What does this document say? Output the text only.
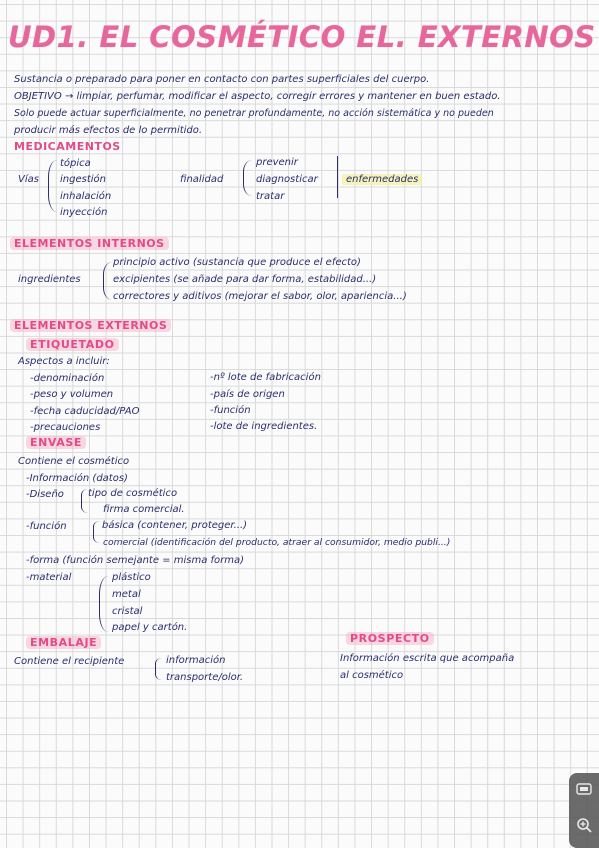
UD1. EL COSMÉTICO EL. EXTERNOS
Sustancia o preparado para poner en contacto con partes superficiales del cuerpo.
OBJETIVO → limpiar, perfumar, modificar el aspecto, corregir errores y mantener en buen estado.
Solo puede actuar superficialmente, no penetrar profundamente, no acción sistemática y no pueden
producir más efectos de lo permitido.
MEDICAMENTOS
Vías
tópica
ingestión
inhalación
inyección
finalidad
prevenir
diagnosticar
tratar
enfermedades
ELEMENTOS INTERNOS
ingredientes
principio activo (sustancia que produce el efecto)
excipientes (se añade para dar forma, estabilidad...)
correctores y aditivos (mejorar el sabor, olor, apariencia...)
ELEMENTOS EXTERNOS
ETIQUETADO
Aspectos a incluir:
-denominación
-peso y volumen
-fecha caducidad/PAO
-precauciones
-nº lote de fabricación
-país de origen
-función
-lote de ingredientes.
ENVASE
Contiene el cosmético
-Información (datos)
-Diseño tipo de cosmético
firma comercial.
-función	básica (contener, proteger...)
comercial (identificación del producto, atraer al consumidor, medio publi...)
-forma (función semejante = misma forma)
-material	plástico
metal
cristal
papel y cartón.
EMBALAJE
Contiene el recipiente	información
transporte/olor.
PROSPECTO
Información escrita que acompaña
al cosmético
